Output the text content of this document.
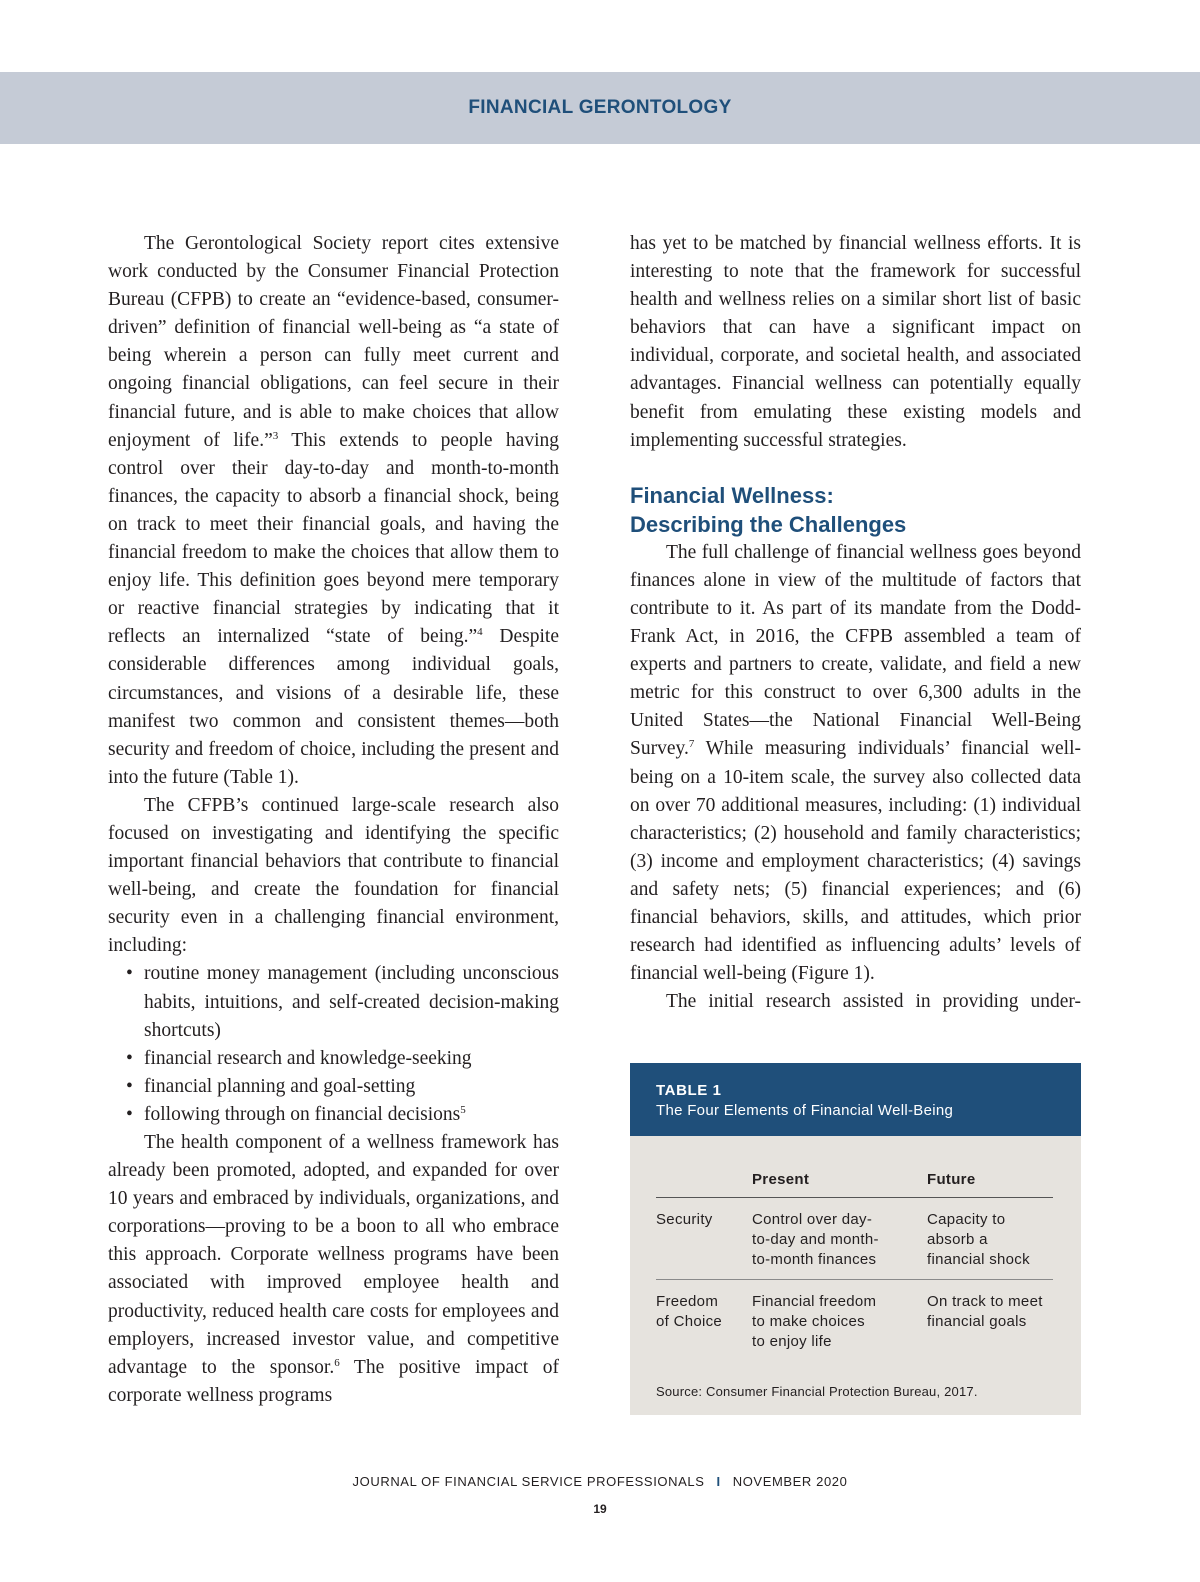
FINANCIAL GERONTOLOGY

The Gerontological Society report cites extensive work conducted by the Consumer Financial Protection Bureau (CFPB) to create an “evidence-based, consumer-driven” definition of financial well-being as “a state of being wherein a person can fully meet current and ongoing financial obligations, can feel secure in their financial future, and is able to make choices that allow enjoyment of life.”$^3$ This extends to people having control over their day-to-day and month-to-month finances, the capacity to absorb a financial shock, being on track to meet their financial goals, and having the financial freedom to make the choices that allow them to enjoy life. This definition goes beyond mere temporary or reactive financial strategies by indicating that it reflects an internalized “state of being.”$^4$ Despite considerable differences among individual goals, circumstances, and visions of a desirable life, these manifest two common and consistent themes—both security and freedom of choice, including the present and into the future (Table 1).

The CFPB’s continued large-scale research also focused on investigating and identifying the specific important financial behaviors that contribute to financial well-being, and create the foundation for financial security even in a challenging financial environment, including:

• routine money management (including unconscious habits, intuitions, and self-created decision-making shortcuts)
• financial research and knowledge-seeking
• financial planning and goal-setting
• following through on financial decisions$^5$

The health component of a wellness framework has already been promoted, adopted, and expanded for over 10 years and embraced by individuals, organizations, and corporations—proving to be a boon to all who embrace this approach. Corporate wellness programs have been associated with improved employee health and productivity, reduced health care costs for employees and employers, increased investor value, and competitive advantage to the sponsor.$^6$ The positive impact of corporate wellness programs

has yet to be matched by financial wellness efforts. It is interesting to note that the framework for successful health and wellness relies on a similar short list of basic behaviors that can have a significant impact on individual, corporate, and societal health, and associated advantages. Financial wellness can potentially equally benefit from emulating these existing models and implementing successful strategies.

Financial Wellness:
Describing the Challenges

The full challenge of financial wellness goes beyond finances alone in view of the multitude of factors that contribute to it. As part of its mandate from the Dodd-Frank Act, in 2016, the CFPB assembled a team of experts and partners to create, validate, and field a new metric for this construct to over 6,300 adults in the United States—the National Financial Well-Being Survey.$^7$ While measuring individuals’ financial well-being on a 10-item scale, the survey also collected data on over 70 additional measures, including: (1) individual characteristics; (2) household and family characteristics; (3) income and employment characteristics; (4) savings and safety nets; (5) financial experiences; and (6) financial behaviors, skills, and attitudes, which prior research had identified as influencing adults’ levels of financial well-being (Figure 1).

The initial research assisted in providing under-

TABLE 1
The Four Elements of Financial Well-Being
Present	Future
Security	Control over day-
to-day and month-
to-month finances
Capacity to
absorb a
financial shock
Freedom
of Choice
Financial freedom
to make choices
to enjoy life
On track to meet
financial goals
Source: Consumer Financial Protection Bureau, 2017.
JOURNAL OF FINANCIAL SERVICE PROFESSIONALS I NOVEMBER 2020
19
